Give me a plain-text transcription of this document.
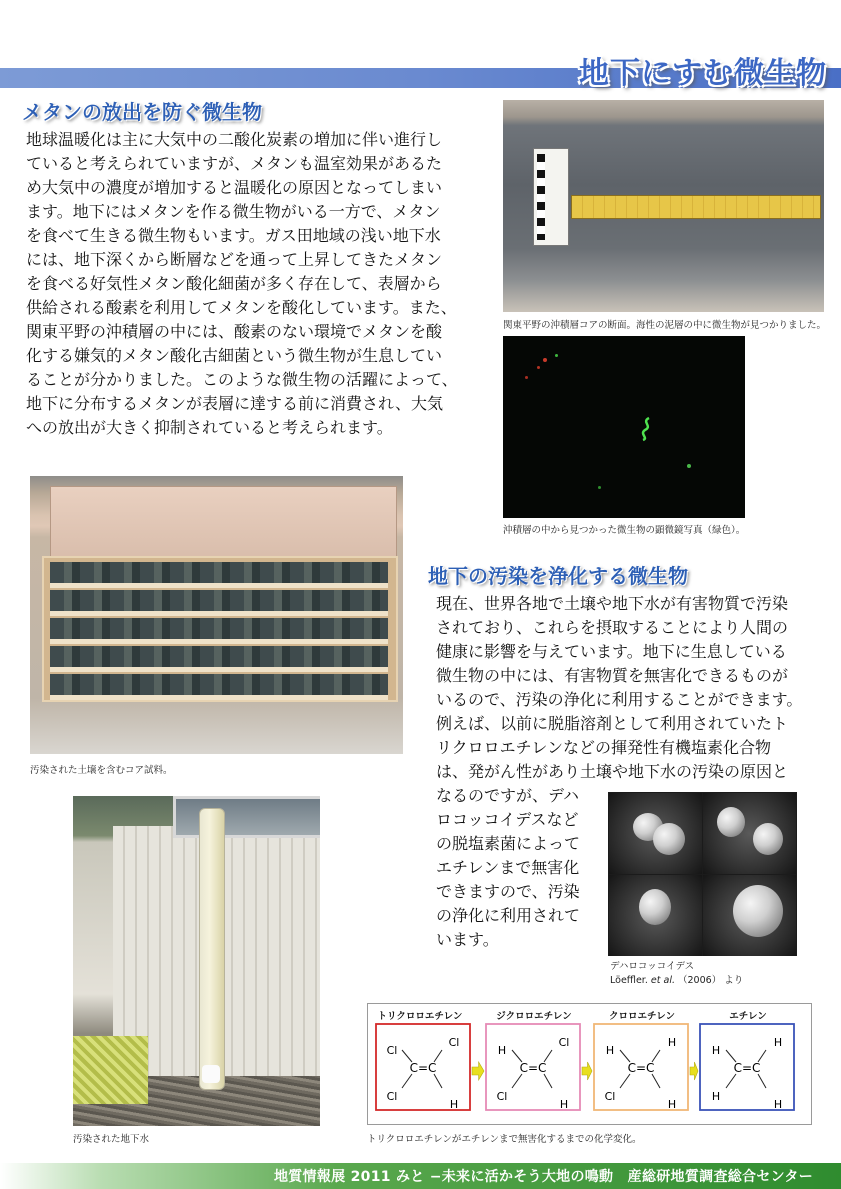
地下にすむ微生物
メタンの放出を防ぐ微生物
地球温暖化は主に大気中の二酸化炭素の増加に伴い進行し
ていると考えられていますが、メタンも温室効果があるた
め大気中の濃度が増加すると温暖化の原因となってしまい
ます。地下にはメタンを作る微生物がいる一方で、メタン
を食べて生きる微生物もいます。ガス田地域の浅い地下水
には、地下深くから断層などを通って上昇してきたメタン
を食べる好気性メタン酸化細菌が多く存在して、表層から
供給される酸素を利用してメタンを酸化しています。また、
関東平野の沖積層の中には、酸素のない環境でメタンを酸
化する嫌気的メタン酸化古細菌という微生物が生息してい
ることが分かりました。このような微生物の活躍によって、
地下に分布するメタンが表層に達する前に消費され、大気
への放出が大きく抑制されていると考えられます。
関東平野の沖積層コアの断面。海性の泥層の中に微生物が見つかりました。
沖積層の中から見つかった微生物の顕微鏡写真（緑色）。
汚染された土壌を含むコア試料。
地下の汚染を浄化する微生物
現在、世界各地で土壌や地下水が有害物質で汚染
されており、これらを摂取することにより人間の
健康に影響を与えています。地下に生息している
微生物の中には、有害物質を無害化できるものが
いるので、汚染の浄化に利用することができます。
例えば、以前に脱脂溶剤として利用されていたト
リクロロエチレンなどの揮発性有機塩素化合物
は、発がん性があり土壌や地下水の汚染の原因と
なるのですが、デハ
ロコッコイデスなど
の脱塩素菌によって
エチレンまで無害化
できますので、汚染
の浄化に利用されて
います。
デハロコッコイデス
Löeffler. et al. （2006） より
汚染された地下水
トリクロロエチレン	ジクロロエチレン	クロロエチレン	エチレン
C=C
Cl
Cl
Cl
H
C=C
H
Cl
Cl
H
C=C
H
H
Cl
H
C=C
H
H
H
H
トリクロロエチレンがエチレンまで無害化するまでの化学変化。
地質情報展 2011 みと −未来に活かそう大地の鳴動　産総研地質調査総合センター
